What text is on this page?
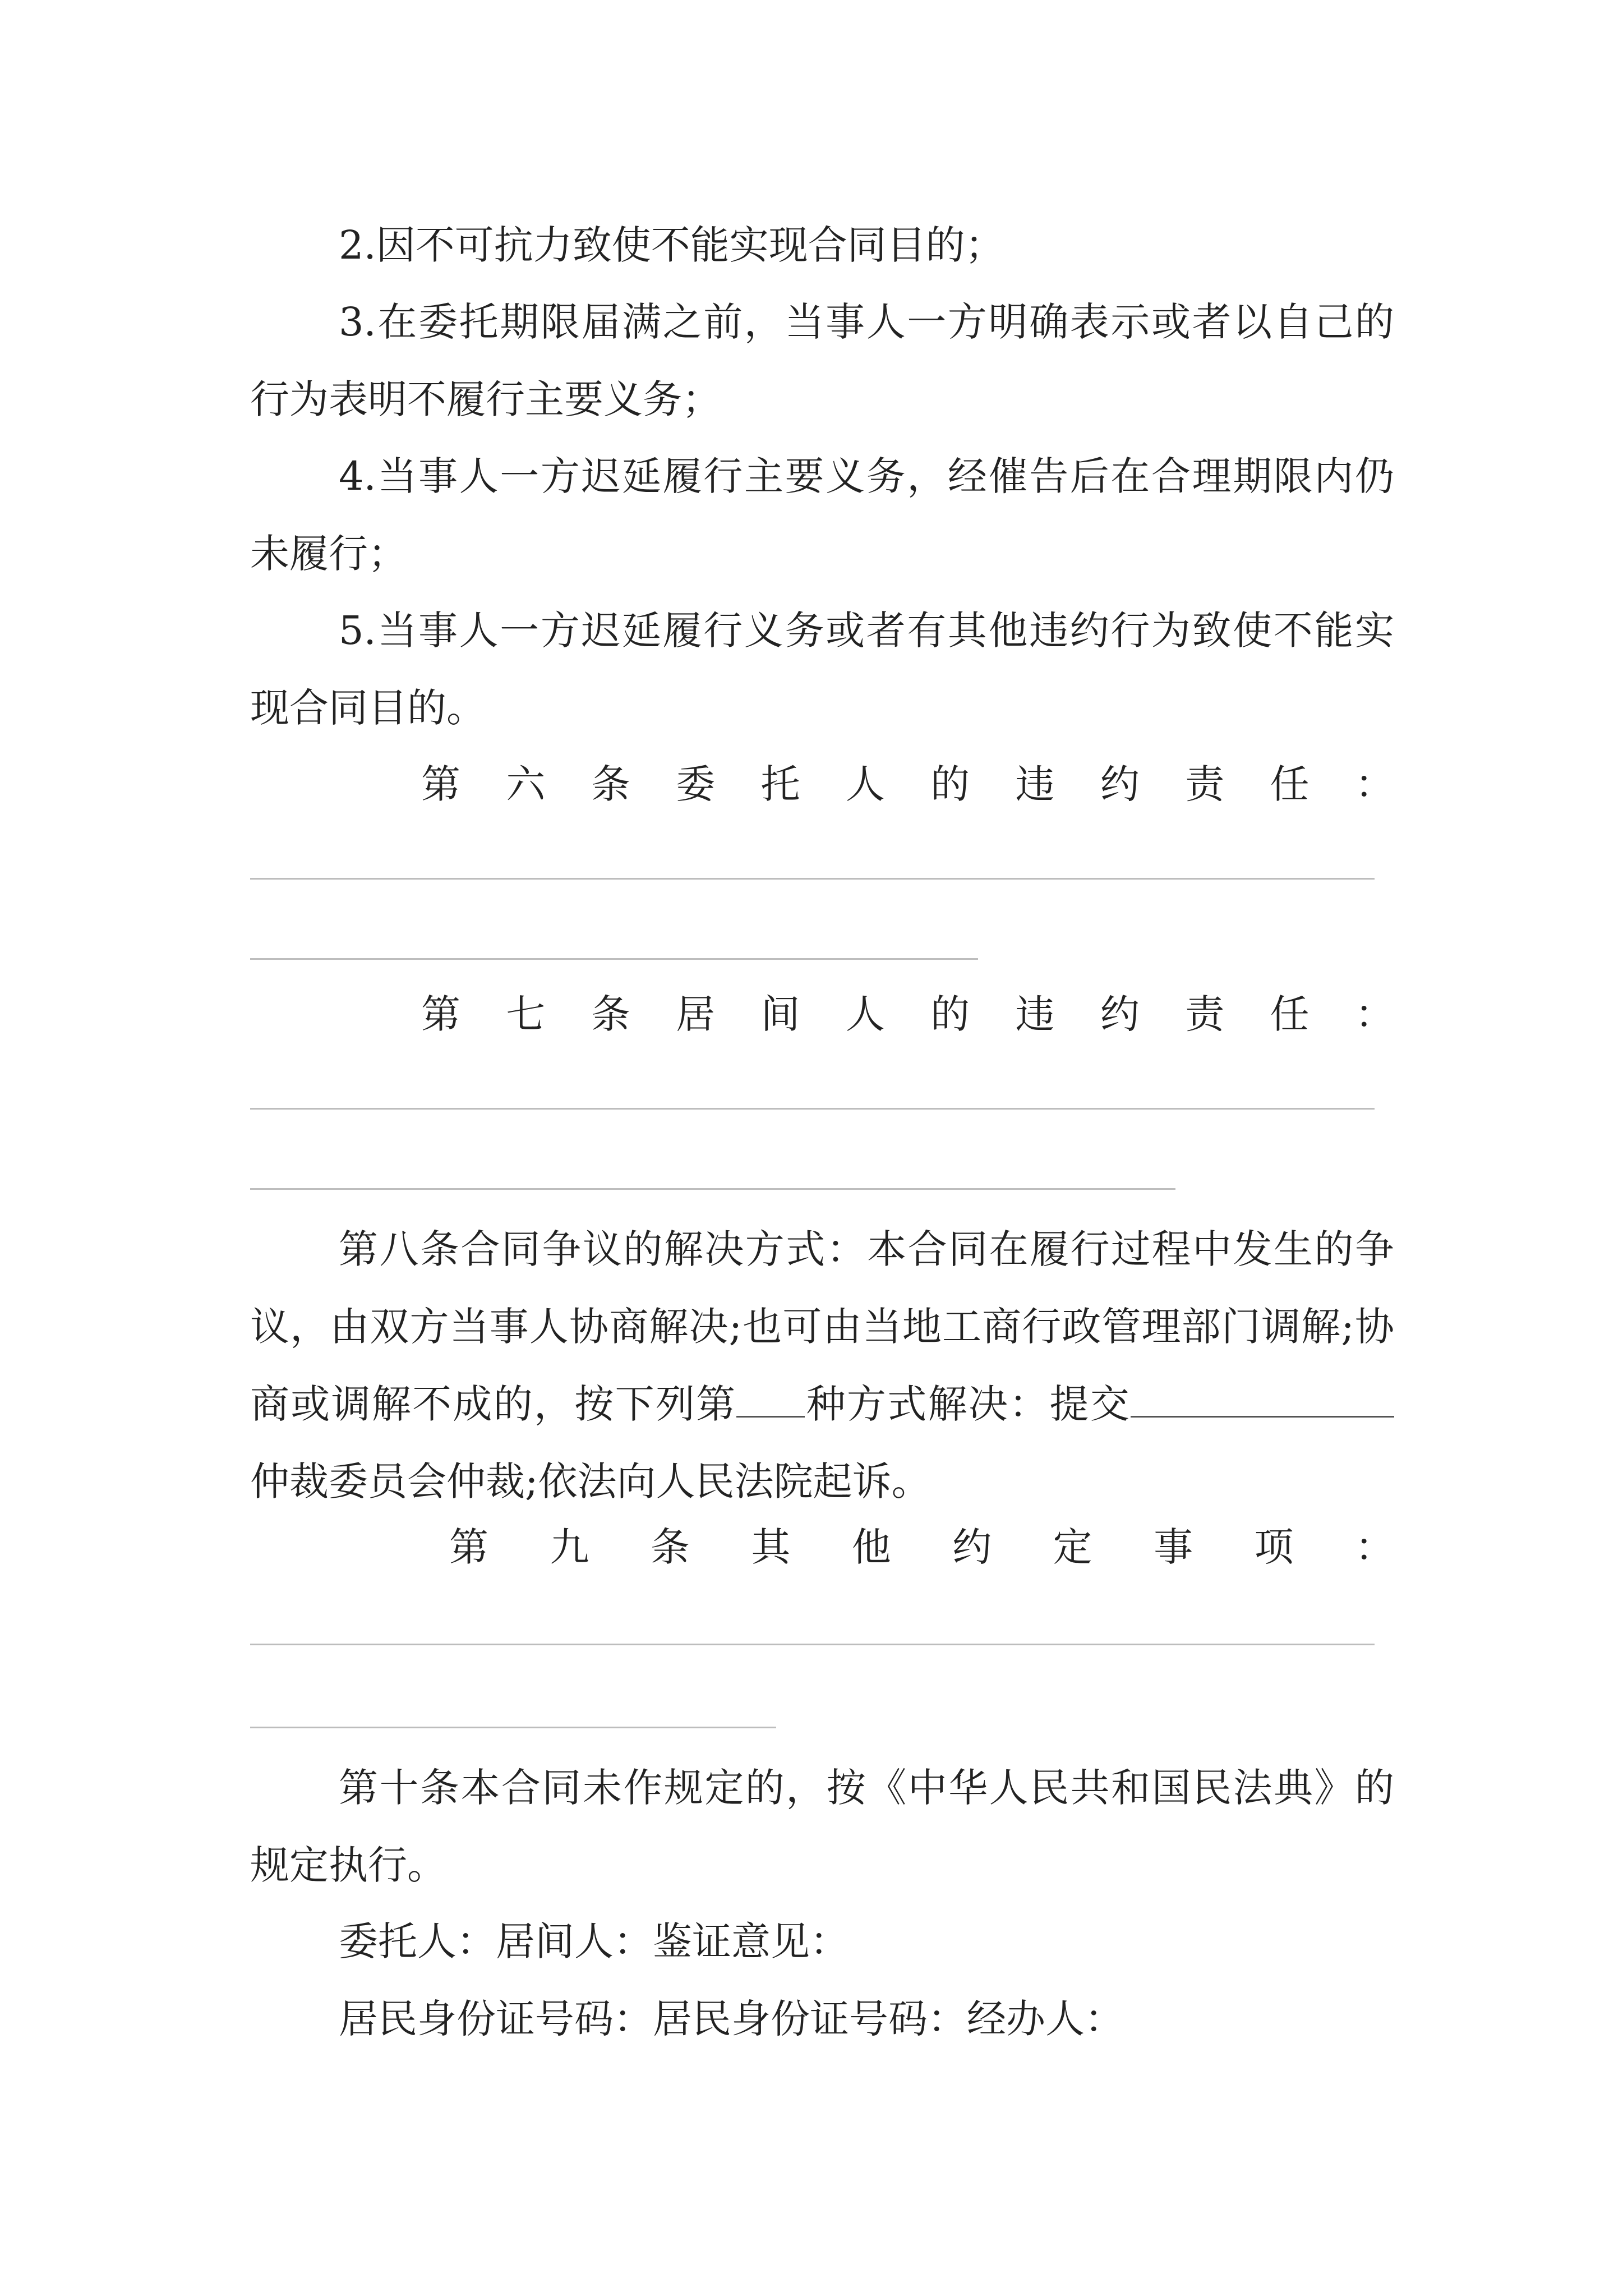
2.因不可抗力致使不能实现合同目的；

3.在委托期限届满之前，当事人一方明确表示或者以自己的行为表明不履行主要义务；

4.当事人一方迟延履行主要义务，经催告后在合理期限内仍未履行；

5.当事人一方迟延履行义务或者有其他违约行为致使不能实现合同目的。

第 六 条 委 托 人 的 违 约 责 任 ：
第 七 条 居 间 人 的 违 约 责 任 ：

第八条合同争议的解决方式：本合同在履行过程中发生的争议，由双方当事人协商解决;也可由当地工商行政管理部门调解;协商或调解不成的，按下列第 种方式解决：提交仲裁委员会仲裁;依法向人民法院起诉。

第 九 条 其 他 约 定 事 项 ：

第十条本合同未作规定的，按《中华人民共和国民法典》的规定执行。

委托人：居间人：鉴证意见：

居民身份证号码：居民身份证号码：经办人：
